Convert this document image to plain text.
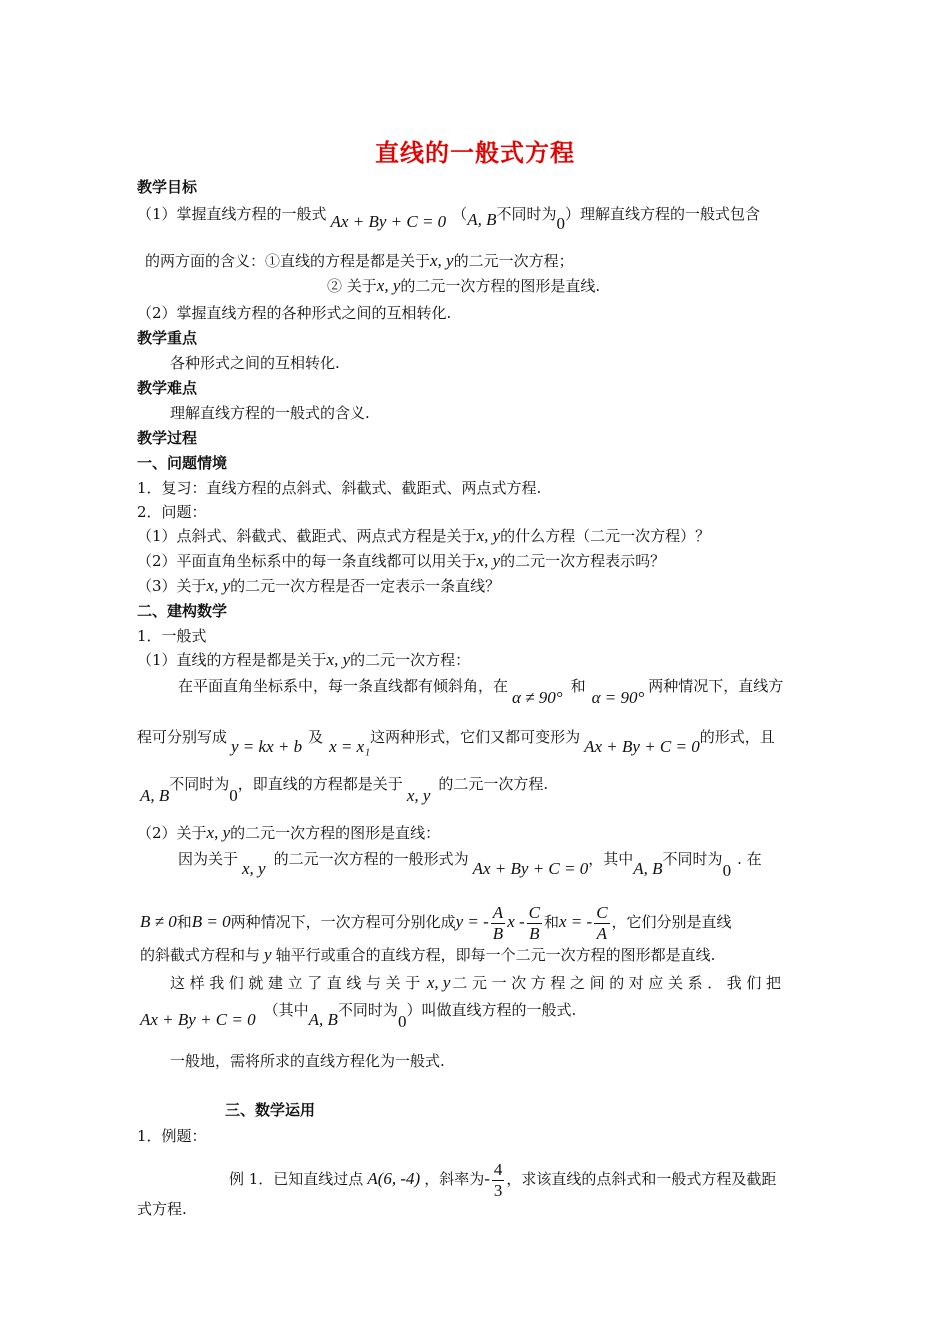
直线的一般式方程
教学目标
（1）掌握直线方程的一般式 Ax + By + C = 0 （A, B不同时为0）理解直线方程的一般式包含
的两方面的含义：①直线的方程是都是关于x, y的二元一次方程；
② 关于x, y的二元一次方程的图形是直线.
（2）掌握直线方程的各种形式之间的互相转化.
教学重点
各种形式之间的互相转化.
教学难点
理解直线方程的一般式的含义.
教学过程
一、问题情境
1．复习：直线方程的点斜式、斜截式、截距式、两点式方程.
2．问题：
（1）点斜式、斜截式、截距式、两点式方程是关于x, y的什么方程（二元一次方程）？
（2）平面直角坐标系中的每一条直线都可以用关于x, y的二元一次方程表示吗？
（3）关于x, y的二元一次方程是否一定表示一条直线？
二、建构数学
1．一般式
（1）直线的方程是都是关于x, y的二元一次方程：
在平面直角坐标系中，每一条直线都有倾斜角，在α ≠ 90°和α = 90°两种情况下，直线方
程可分别写成 y = kx + b 及 x = x₁这两种形式，它们又都可变形为 Ax + By + C = 0的形式，且
A, B不同时为0，即直线的方程都是关于x, y的二元一次方程.
（2）关于x, y的二元一次方程的图形是直线：
因为关于 x, y 的二元一次方程的一般形式为 Ax + By + C = 0，其中A, B不同时为0. 在
B ≠ 0和B = 0两种情况下，一次方程可分别化成y = - $\frac{A}{B}$ x - $\frac{C}{B}$ 和x = - $\frac{C}{A}$ ，它们分别是直线
的斜截式方程和与 y 轴平行或重合的直线方程，即每一个二元一次方程的图形都是直线.
这样我们就建立了直线与关于 x, y 二元一次方程之间的对应关系．我们把
Ax + By + C = 0 （其中A, B不同时为0）叫做直线方程的一般式.
一般地，需将所求的直线方程化为一般式.
三、数学运用
1．例题：
例 1．已知直线过点 A(6, -4) ，斜率为- $\frac{4}{3}$ ，求该直线的点斜式和一般式方程及截距
式方程.
